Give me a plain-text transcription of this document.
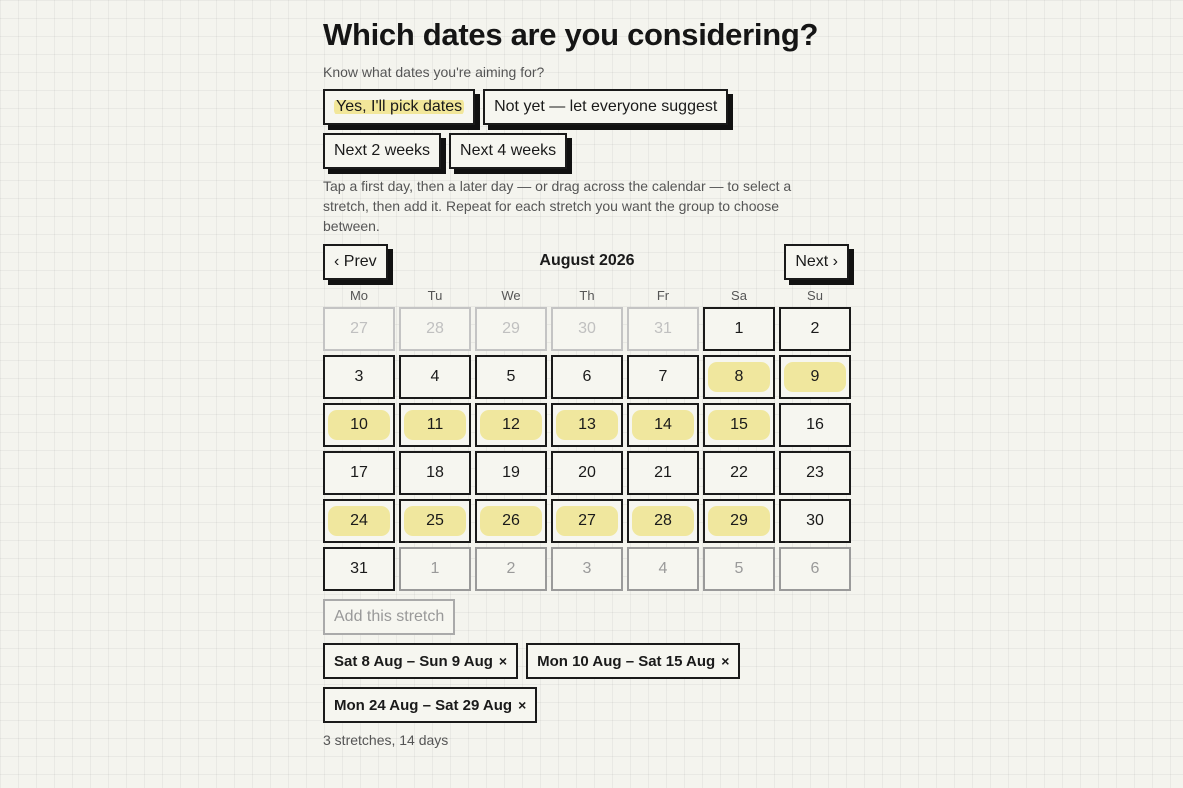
Which dates are you considering?
Know what dates you're aiming for?
Yes, I'll pick dates Not yet — let everyone suggest
Next 2 weeks	Next 4 weeks
Tap a first day, then a later day — or drag across the calendar — to select a stretch, then add it. Repeat for each stretch you want the group to choose between.
‹ Prev	August 2026	Next ›
Mo	Tu	We	Th	Fr	Sa	Su
27	28	29	30	31	1	2
3	4	5	6	7	8	9
10	11	12	13	14	15	16
17	18	19	20	21	22	23
24	25	26	27	28	29	30
31	1	2	3	4	5	6
Add this stretch
Sat 8 Aug – Sun 9 Aug × Mon 10 Aug – Sat 15 Aug ×
Mon 24 Aug – Sat 29 Aug ×
3 stretches, 14 days
